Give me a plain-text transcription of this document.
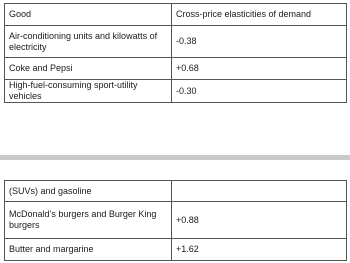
Good	Cross-price elasticities of demand
Air-conditioning units and kilowatts of electricity	-0.38
Coke and Pepsi	+0.68
High-fuel-consuming sport-utility vehicles	-0.30
(SUVs) and gasoline	
McDonald’s burgers and Burger King burgers	+0.88
Butter and margarine	+1.62
